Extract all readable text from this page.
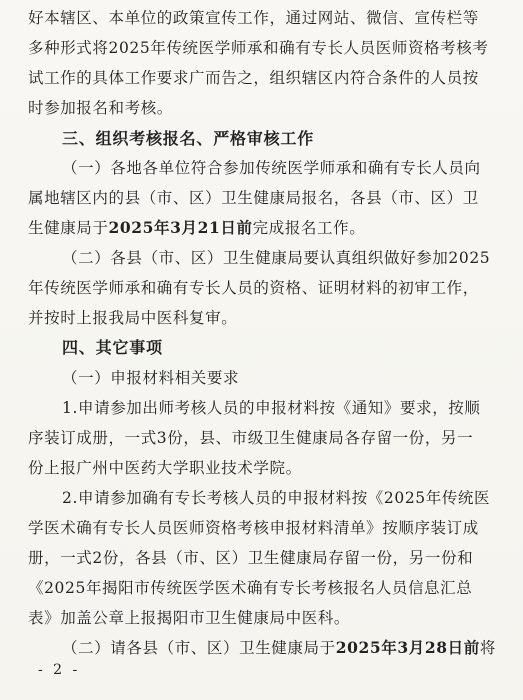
好本辖区、本单位的政策宣传工作，通过网站、微信、宣传栏等
多种形式将2025年传统医学师承和确有专长人员医师资格考核考
试工作的具体工作要求广而告之，组织辖区内符合条件的人员按
时参加报名和考核。
三、组织考核报名、严格审核工作
（一）各地各单位符合参加传统医学师承和确有专长人员向
属地辖区内的县（市、区）卫生健康局报名，各县（市、区）卫
生健康局于2025年3月21日前完成报名工作。
（二）各县（市、区）卫生健康局要认真组织做好参加2025
年传统医学师承和确有专长人员的资格、证明材料的初审工作，
并按时上报我局中医科复审。
四、其它事项
（一）申报材料相关要求
1.申请参加出师考核人员的申报材料按《通知》要求，按顺
序装订成册，一式3份，县、市级卫生健康局各存留一份，另一
份上报广州中医药大学职业技术学院。
2.申请参加确有专长考核人员的申报材料按《2025年传统医
学医术确有专长人员医师资格考核申报材料清单》按顺序装订成
册，一式2份，各县（市、区）卫生健康局存留一份，另一份和
《2025年揭阳市传统医学医术确有专长考核报名人员信息汇总
表》加盖公章上报揭阳市卫生健康局中医科。
（二）请各县（市、区）卫生健康局于2025年3月28日前将
- 2 -
